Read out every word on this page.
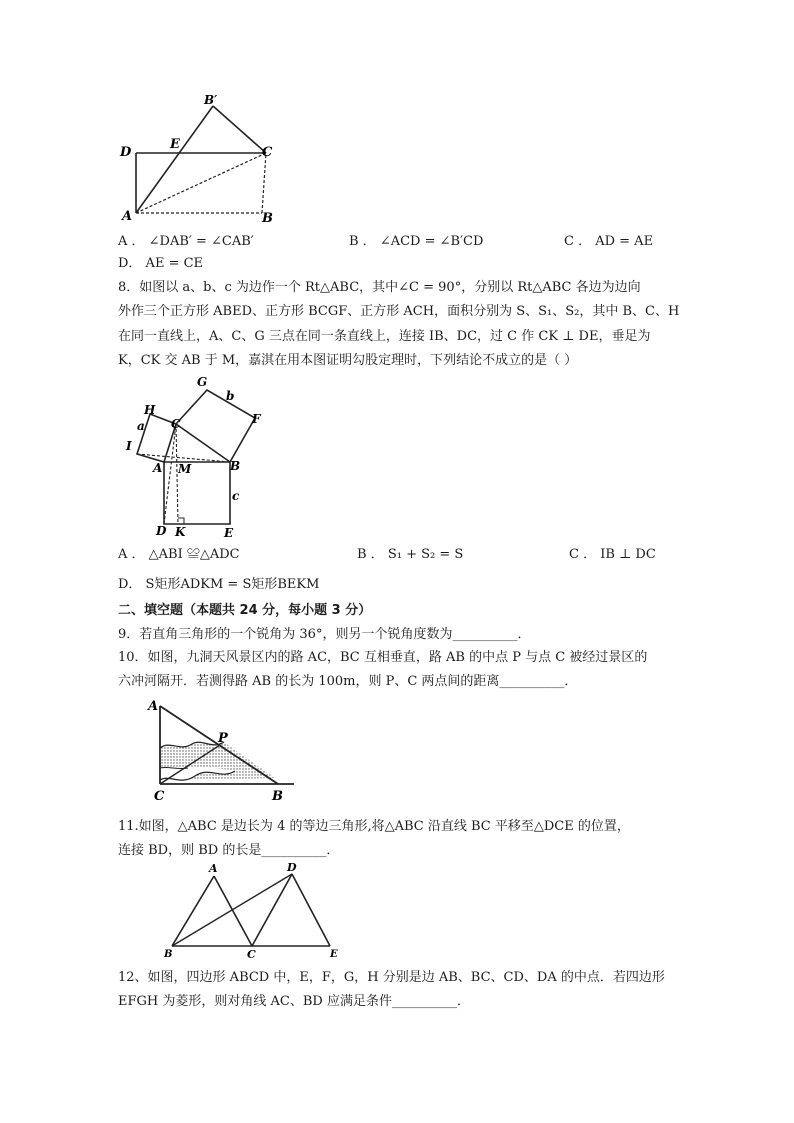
B′
D
E
C
A	B
A ． ∠DAB′ = ∠CAB′	B ． ∠ACD = ∠B′CD	C ． AD = AE
D． AE = CE
8．如图以 a、b、c 为边作一个 Rt△ABC，其中∠C = 90°，分别以 Rt△ABC 各边为边向
外作三个正方形 ABED、正方形 BCGF、正方形 ACH，面积分别为 S、S₁、S₂，其中 B、C、H
在同一直线上，A、C、G 三点在同一条直线上，连接 IB、DC，过 C 作 CK ⊥ DE，垂足为
K，CK 交 AB 于 M，嘉淇在用本图证明勾股定理时，下列结论不成立的是（ ）
G
b
F
H
C
a
I
A M	B
c
D K	E
A ． △ABI ≌△ADC	B ． S₁ + S₂ = S	C ． IB ⊥ DC
D． S矩形ADKM = S矩形BEKM
二、填空题（本题共 24 分，每小题 3 分）
9．若直角三角形的一个锐角为 36°，则另一个锐角度数为__________．
10．如图，九洞天风景区内的路 AC，BC 互相垂直，路 AB 的中点 P 与点 C 被经过景区的
六冲河隔开．若测得路 AB 的长为 100m，则 P、C 两点间的距离__________．
A
P
C	B
11.如图，△ABC 是边长为 4 的等边三角形,将△ABC 沿直线 BC 平移至△DCE 的位置，
连接 BD，则 BD 的长是__________．
A	D
B	C	E
12、如图，四边形 ABCD 中，E，F，G，H 分别是边 AB、BC、CD、DA 的中点．若四边形
EFGH 为菱形，则对角线 AC、BD 应满足条件__________．
